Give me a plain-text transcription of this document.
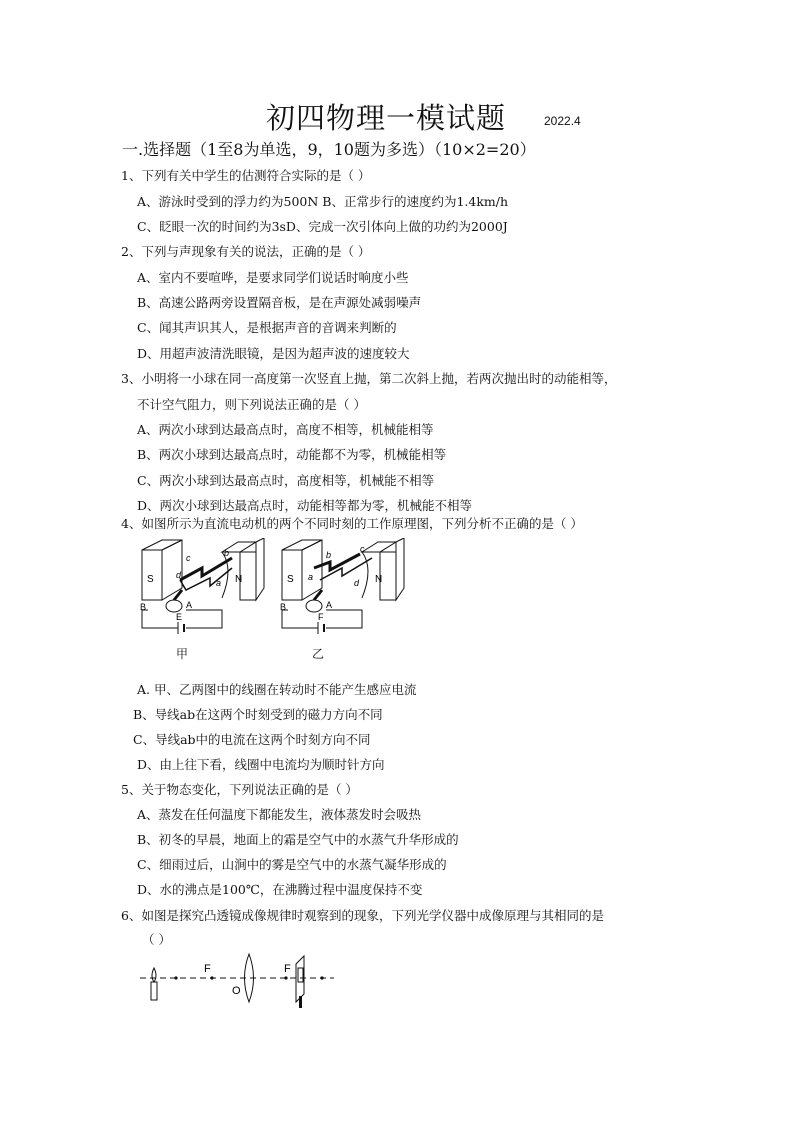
初四物理一模试题	2022.4
一.选择题（1至8为单选，9，10题为多选）（10×2=20）
1、下列有关中学生的估测符合实际的是（ ）
A、游泳时受到的浮力约为500N B、正常步行的速度约为1.4km/h
C、眨眼一次的时间约为3sD、完成一次引体向上做的功约为2000J
2、下列与声现象有关的说法，正确的是（ ）
A、室内不要喧哗，是要求同学们说话时响度小些
B、高速公路两旁设置隔音板，是在声源处减弱噪声
C、闻其声识其人，是根据声音的音调来判断的
D、用超声波清洗眼镜，是因为超声波的速度较大
3、小明将一小球在同一高度第一次竖直上抛，第二次斜上抛，若两次抛出时的动能相等，
不计空气阻力，则下列说法正确的是（ ）
A、两次小球到达最高点时，高度不相等，机械能相等
B、两次小球到达最高点时，动能都不为零，机械能相等
C、两次小球到达最高点时，高度相等，机械能不相等
D、两次小球到达最高点时，动能相等都为零，机械能不相等
4、如图所示为直流电动机的两个不同时刻的工作原理图，下列分析不正确的是（ ）
S	N
d
c	b
a
B	A
E
甲
S	N
a
b
c
d
B	A
F
乙
A. 甲、乙两图中的线圈在转动时不能产生感应电流
B、导线ab在这两个时刻受到的磁力方向不同
C、导线ab中的电流在这两个时刻方向不同
D、由上往下看，线圈中电流均为顺时针方向
5、关于物态变化，下列说法正确的是（ ）
A、蒸发在任何温度下都能发生，液体蒸发时会吸热
B、初冬的早晨，地面上的霜是空气中的水蒸气升华形成的
C、细雨过后，山涧中的雾是空气中的水蒸气凝华形成的
D、水的沸点是100℃，在沸腾过程中温度保持不变
6、如图是探究凸透镜成像规律时观察到的现象，下列光学仪器中成像原理与其相同的是
（ ）
F
O
F
